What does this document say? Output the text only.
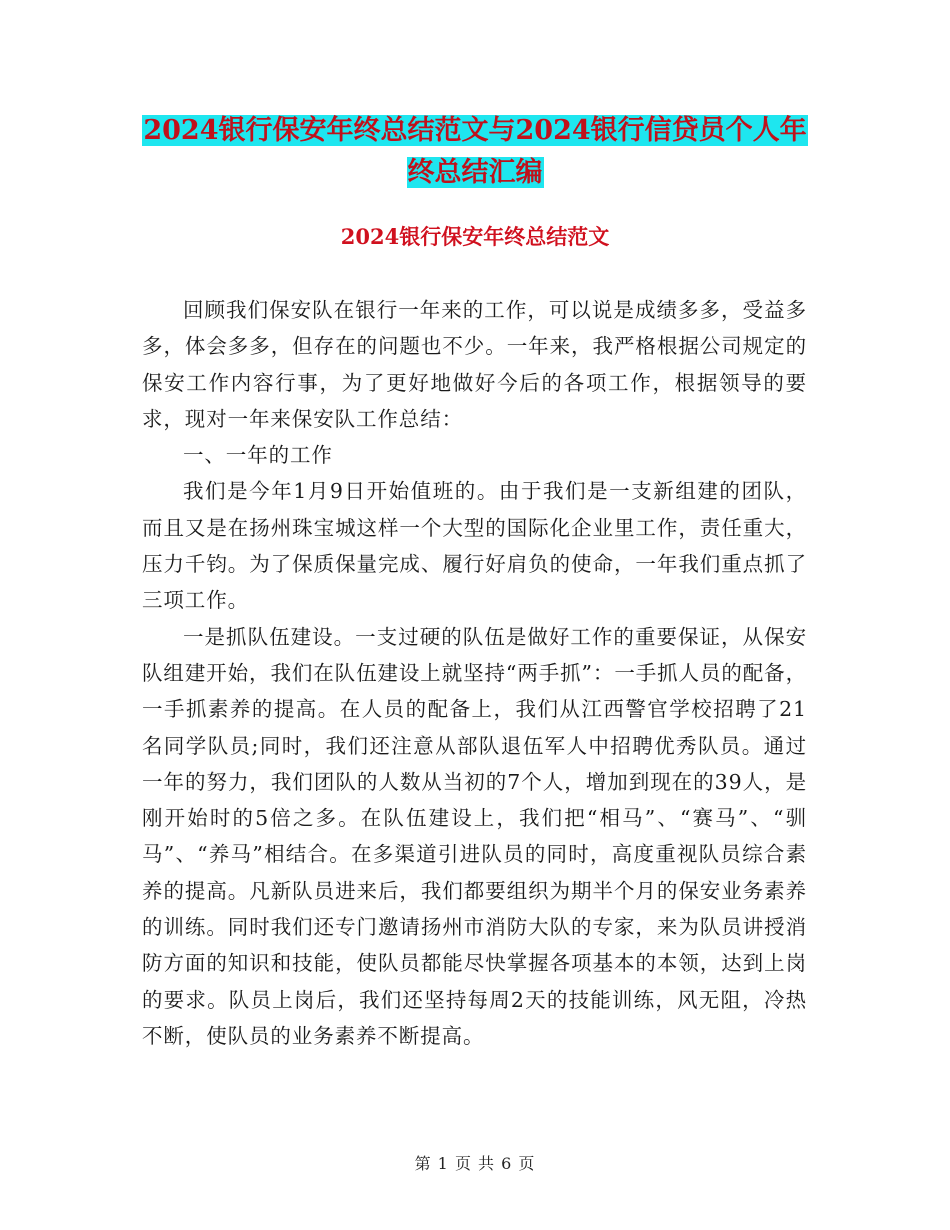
2024银行保安年终总结范文与2024银行信贷员个人年
终总结汇编
2024银行保安年终总结范文

回顾我们保安队在银行一年来的工作，可以说是成绩多多，受益多多，体会多多，但存在的问题也不少。一年来，我严格根据公司规定的保安工作内容行事，为了更好地做好今后的各项工作，根据领导的要求，现对一年来保安队工作总结：

一、一年的工作

我们是今年1月9日开始值班的。由于我们是一支新组建的团队，而且又是在扬州珠宝城这样一个大型的国际化企业里工作，责任重大，压力千钧。为了保质保量完成、履行好肩负的使命，一年我们重点抓了三项工作。

一是抓队伍建设。一支过硬的队伍是做好工作的重要保证，从保安队组建开始，我们在队伍建设上就坚持“两手抓”：一手抓人员的配备，一手抓素养的提高。在人员的配备上，我们从江西警官学校招聘了21名同学队员;同时，我们还注意从部队退伍军人中招聘优秀队员。通过一年的努力，我们团队的人数从当初的7个人，增加到现在的39人，是刚开始时的5倍之多。在队伍建设上，我们把“相马”、“赛马”、“驯马”、“养马”相结合。在多渠道引进队员的同时，高度重视队员综合素养的提高。凡新队员进来后，我们都要组织为期半个月的保安业务素养的训练。同时我们还专门邀请扬州市消防大队的专家，来为队员讲授消防方面的知识和技能，使队员都能尽快掌握各项基本的本领，达到上岗的要求。队员上岗后，我们还坚持每周2天的技能训练，风无阻，冷热不断，使队员的业务素养不断提高。

第 1 页 共 6 页
